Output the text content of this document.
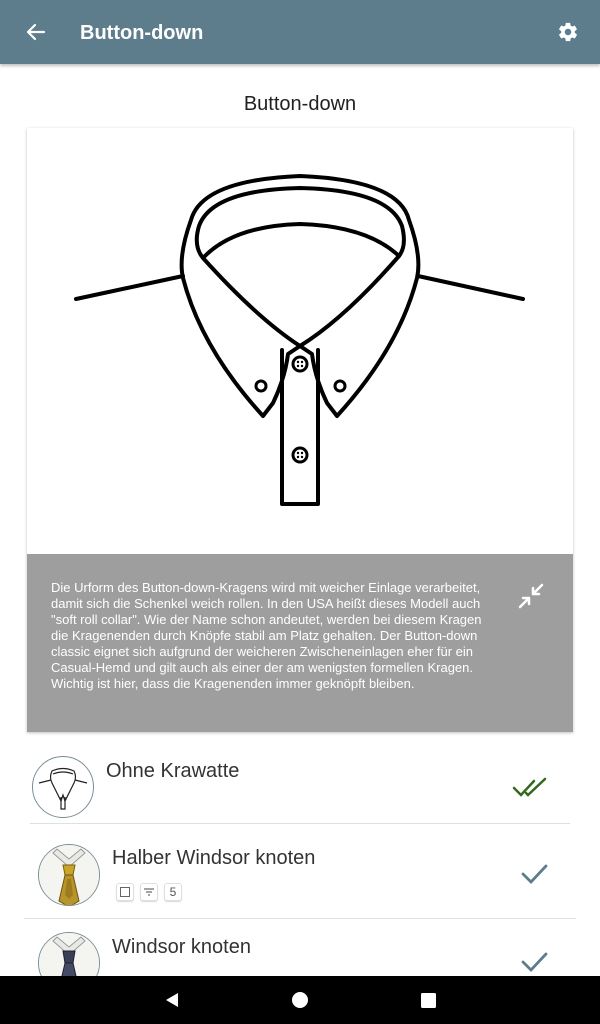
Button-down
Button-down
Die Urform des Button-down-Kragens wird mit weicher Einlage verarbeitet, damit sich die Schenkel weich rollen. In den USA heißt dieses Modell auch "soft roll collar". Wie der Name schon andeutet, werden bei diesem Kragen die Kragenenden durch Knöpfe stabil am Platz gehalten. Der Button-down classic eignet sich aufgrund der weicheren Zwischeneinlagen eher für ein Casual-Hemd und gilt auch als einer der am wenigsten formellen Kragen. Wichtig ist hier, dass die Kragenenden immer geknöpft bleiben.
Ohne Krawatte
Halber Windsor knoten
5
Windsor knoten
